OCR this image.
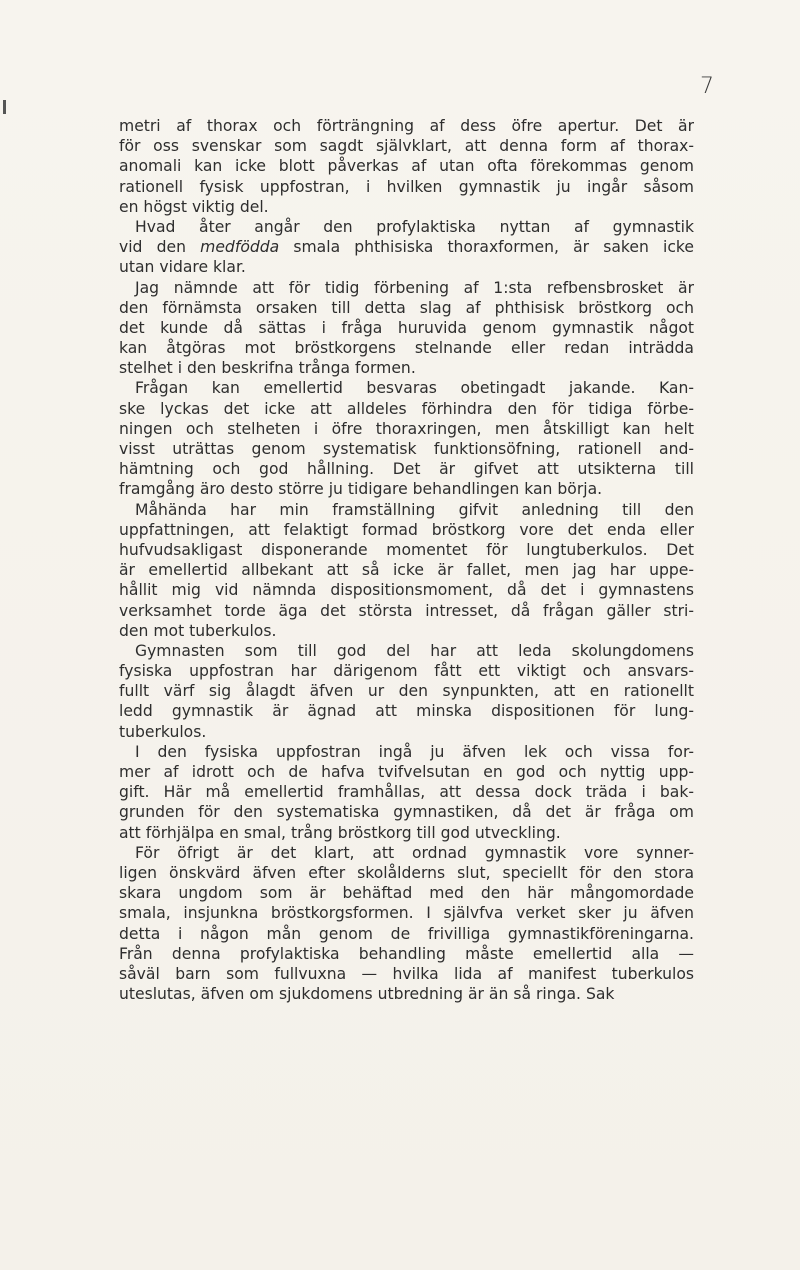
7
metri af thorax och förträngning af dess öfre apertur. Det är
för oss svenskar som sagdt självklart, att denna form af thorax-
anomali kan icke blott påverkas af utan ofta förekommas genom
rationell fysisk uppfostran, i hvilken gymnastik ju ingår såsom
en högst viktig del.
Hvad åter angår den profylaktiska nyttan af gymnastik
vid den medfödda smala phthisiska thoraxformen, är saken icke
utan vidare klar.
Jag nämnde att för tidig förbening af 1:sta refbensbrosket är
den förnämsta orsaken till detta slag af phthisisk bröstkorg och
det kunde då sättas i fråga huruvida genom gymnastik något
kan åtgöras mot bröstkorgens stelnande eller redan inträdda
stelhet i den beskrifna trånga formen.
Frågan kan emellertid besvaras obetingadt jakande. Kan-
ske lyckas det icke att alldeles förhindra den för tidiga förbe-
ningen och stelheten i öfre thoraxringen, men åtskilligt kan helt
visst uträttas genom systematisk funktionsöfning, rationell and-
hämtning och god hållning. Det är gifvet att utsikterna till
framgång äro desto större ju tidigare behandlingen kan börja.
Måhända har min framställning gifvit anledning till den
uppfattningen, att felaktigt formad bröstkorg vore det enda eller
hufvudsakligast disponerande momentet för lungtuberkulos. Det
är emellertid allbekant att så icke är fallet, men jag har uppe-
hållit mig vid nämnda dispositionsmoment, då det i gymnastens
verksamhet torde äga det största intresset, då frågan gäller stri-
den mot tuberkulos.
Gymnasten som till god del har att leda skolungdomens
fysiska uppfostran har därigenom fått ett viktigt och ansvars-
fullt värf sig ålagdt äfven ur den synpunkten, att en rationellt
ledd gymnastik är ägnad att minska dispositionen för lung-
tuberkulos.
I den fysiska uppfostran ingå ju äfven lek och vissa for-
mer af idrott och de hafva tvifvelsutan en god och nyttig upp-
gift. Här må emellertid framhållas, att dessa dock träda i bak-
grunden för den systematiska gymnastiken, då det är fråga om
att förhjälpa en smal, trång bröstkorg till god utveckling.
För öfrigt är det klart, att ordnad gymnastik vore synner-
ligen önskvärd äfven efter skolålderns slut, speciellt för den stora
skara ungdom som är behäftad med den här mångomordade
smala, insjunkna bröstkorgsformen. I självfva verket sker ju äfven
detta i någon mån genom de frivilliga gymnastikföreningarna.
Från denna profylaktiska behandling måste emellertid alla —
såväl barn som fullvuxna — hvilka lida af manifest tuberkulos
uteslutas, äfven om sjukdomens utbredning är än så ringa. Sak
